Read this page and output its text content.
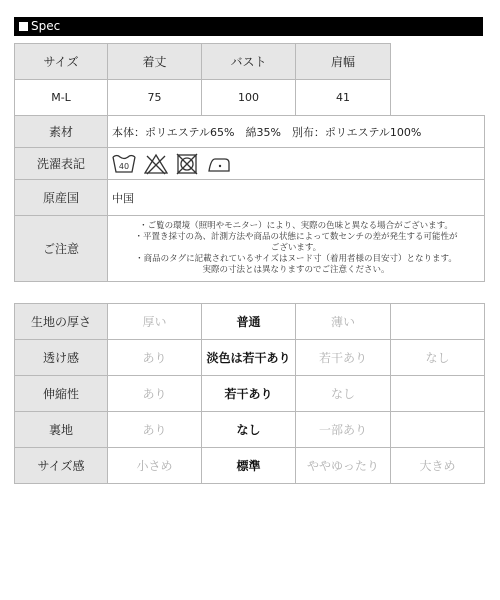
Spec
サイズ	着丈	バスト	肩幅	
M-L	75	100	41	
素材	本体：ポリエステル65%　綿35%　別布：ポリエステル100%			
洗濯表記	40			

原産国	中国			
ご注意	・ご覧の環境（照明やモニター）により、実際の色味と異なる場合がございます。
・平置き採寸の為、計測方法や商品の状態によって数センチの差が発生する可能性が
ございます。
・商品のタグに記載されているサイズはヌード寸（着用者様の目安寸）となります。
実際の寸法とは異なりますのでご注意ください。			
生地の厚さ	厚い	普通	薄い	
透け感	あり	淡色は若干あり	若干あり	なし
伸縮性	あり	若干あり	なし	
裏地	あり	なし	一部あり	
サイズ感	小さめ	標準	ややゆったり	大きめ
